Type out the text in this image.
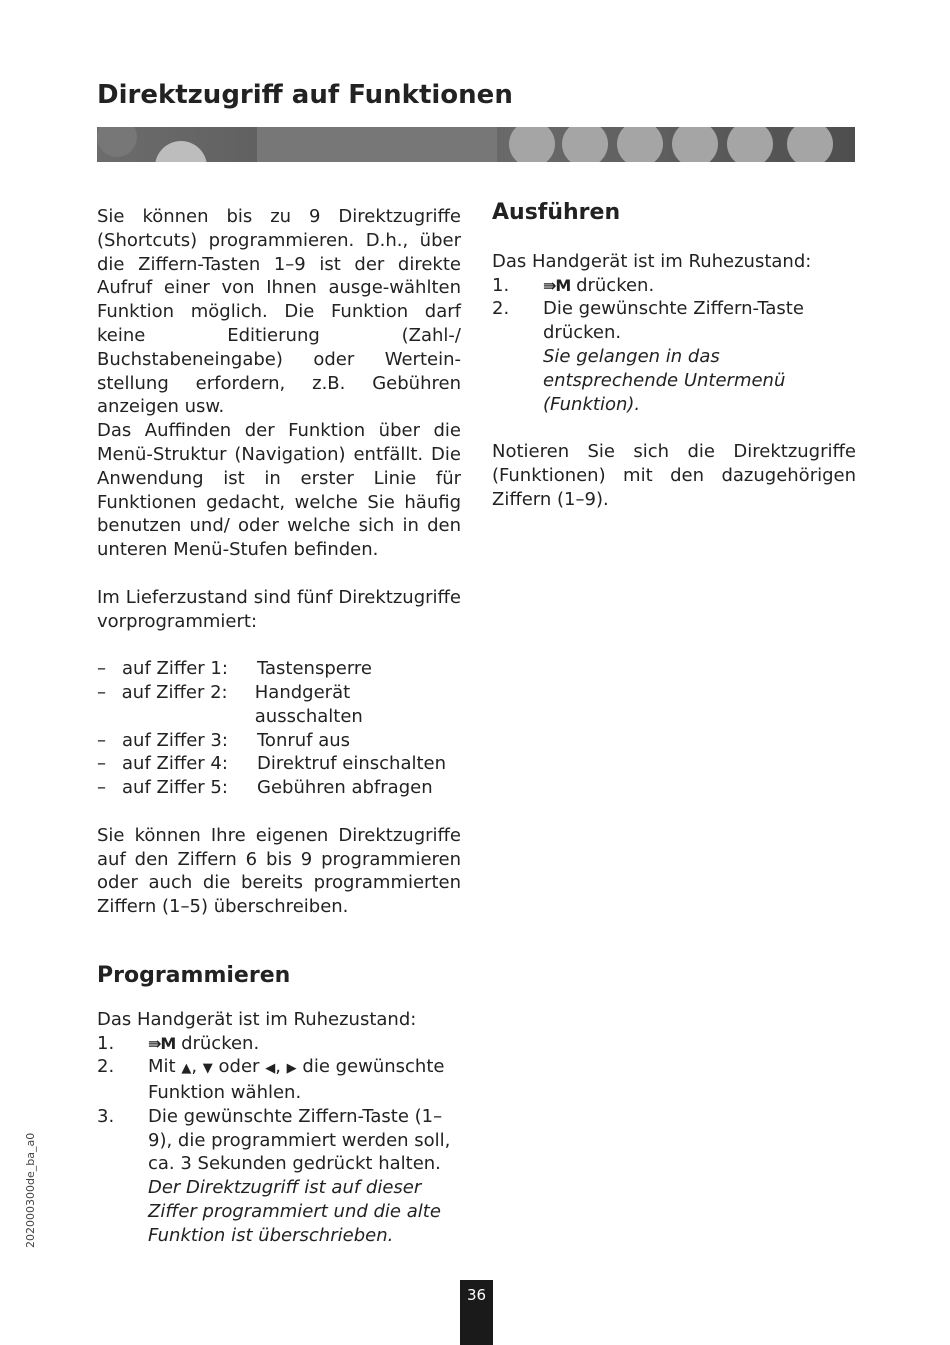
Direktzugriff auf Funktionen

Sie können bis zu 9 Direktzugriffe (Shortcuts) programmieren. D.h., über die Ziffern-Tasten 1–9 ist der direkte Aufruf einer von Ihnen ausge-wählten Funktion möglich. Die Funktion darf keine Editierung (Zahl-/ Buchstabeneingabe) oder Wertein-stellung erfordern, z.B. Gebühren anzeigen usw.

Das Auffinden der Funktion über die Menü-Struktur (Navigation) entfällt. Die Anwendung ist in erster Linie für Funktionen gedacht, welche Sie häufig benutzen und/ oder welche sich in den unteren Menü-Stufen befinden.

Im Lieferzustand sind fünf Direktzugriffe vorprogrammiert:

– auf Ziffer 1:	Tastensperre
– auf Ziffer 2:	Handgerät ausschalten
– auf Ziffer 3:	Tonruf aus
– auf Ziffer 4:	Direktruf einschalten
– auf Ziffer 5:	Gebühren abfragen

Sie können Ihre eigenen Direktzugriffe auf den Ziffern 6 bis 9 programmieren oder auch die bereits programmierten Ziffern (1–5) überschreiben.

Programmieren

Das Handgerät ist im Ruhezustand:

1.	⇛M drücken.
2.	Mit ▲, ▼ oder ◀, ▶ die gewünschte Funktion wählen.
3.	Die gewünschte Ziffern-Taste (1–9), die programmiert werden soll, ca. 3 Sekunden gedrückt halten.
Der Direktzugriff ist auf dieser Ziffer programmiert und die alte Funktion ist überschrieben.
Ausführen

Das Handgerät ist im Ruhezustand:

1.	⇛M drücken.
2.	Die gewünschte Ziffern-Taste drücken.
Sie gelangen in das entsprechende Untermenü (Funktion).

Notieren Sie sich die Direktzugriffe (Funktionen) mit den dazugehörigen Ziffern (1–9).

202000300de_ba_a0
36
